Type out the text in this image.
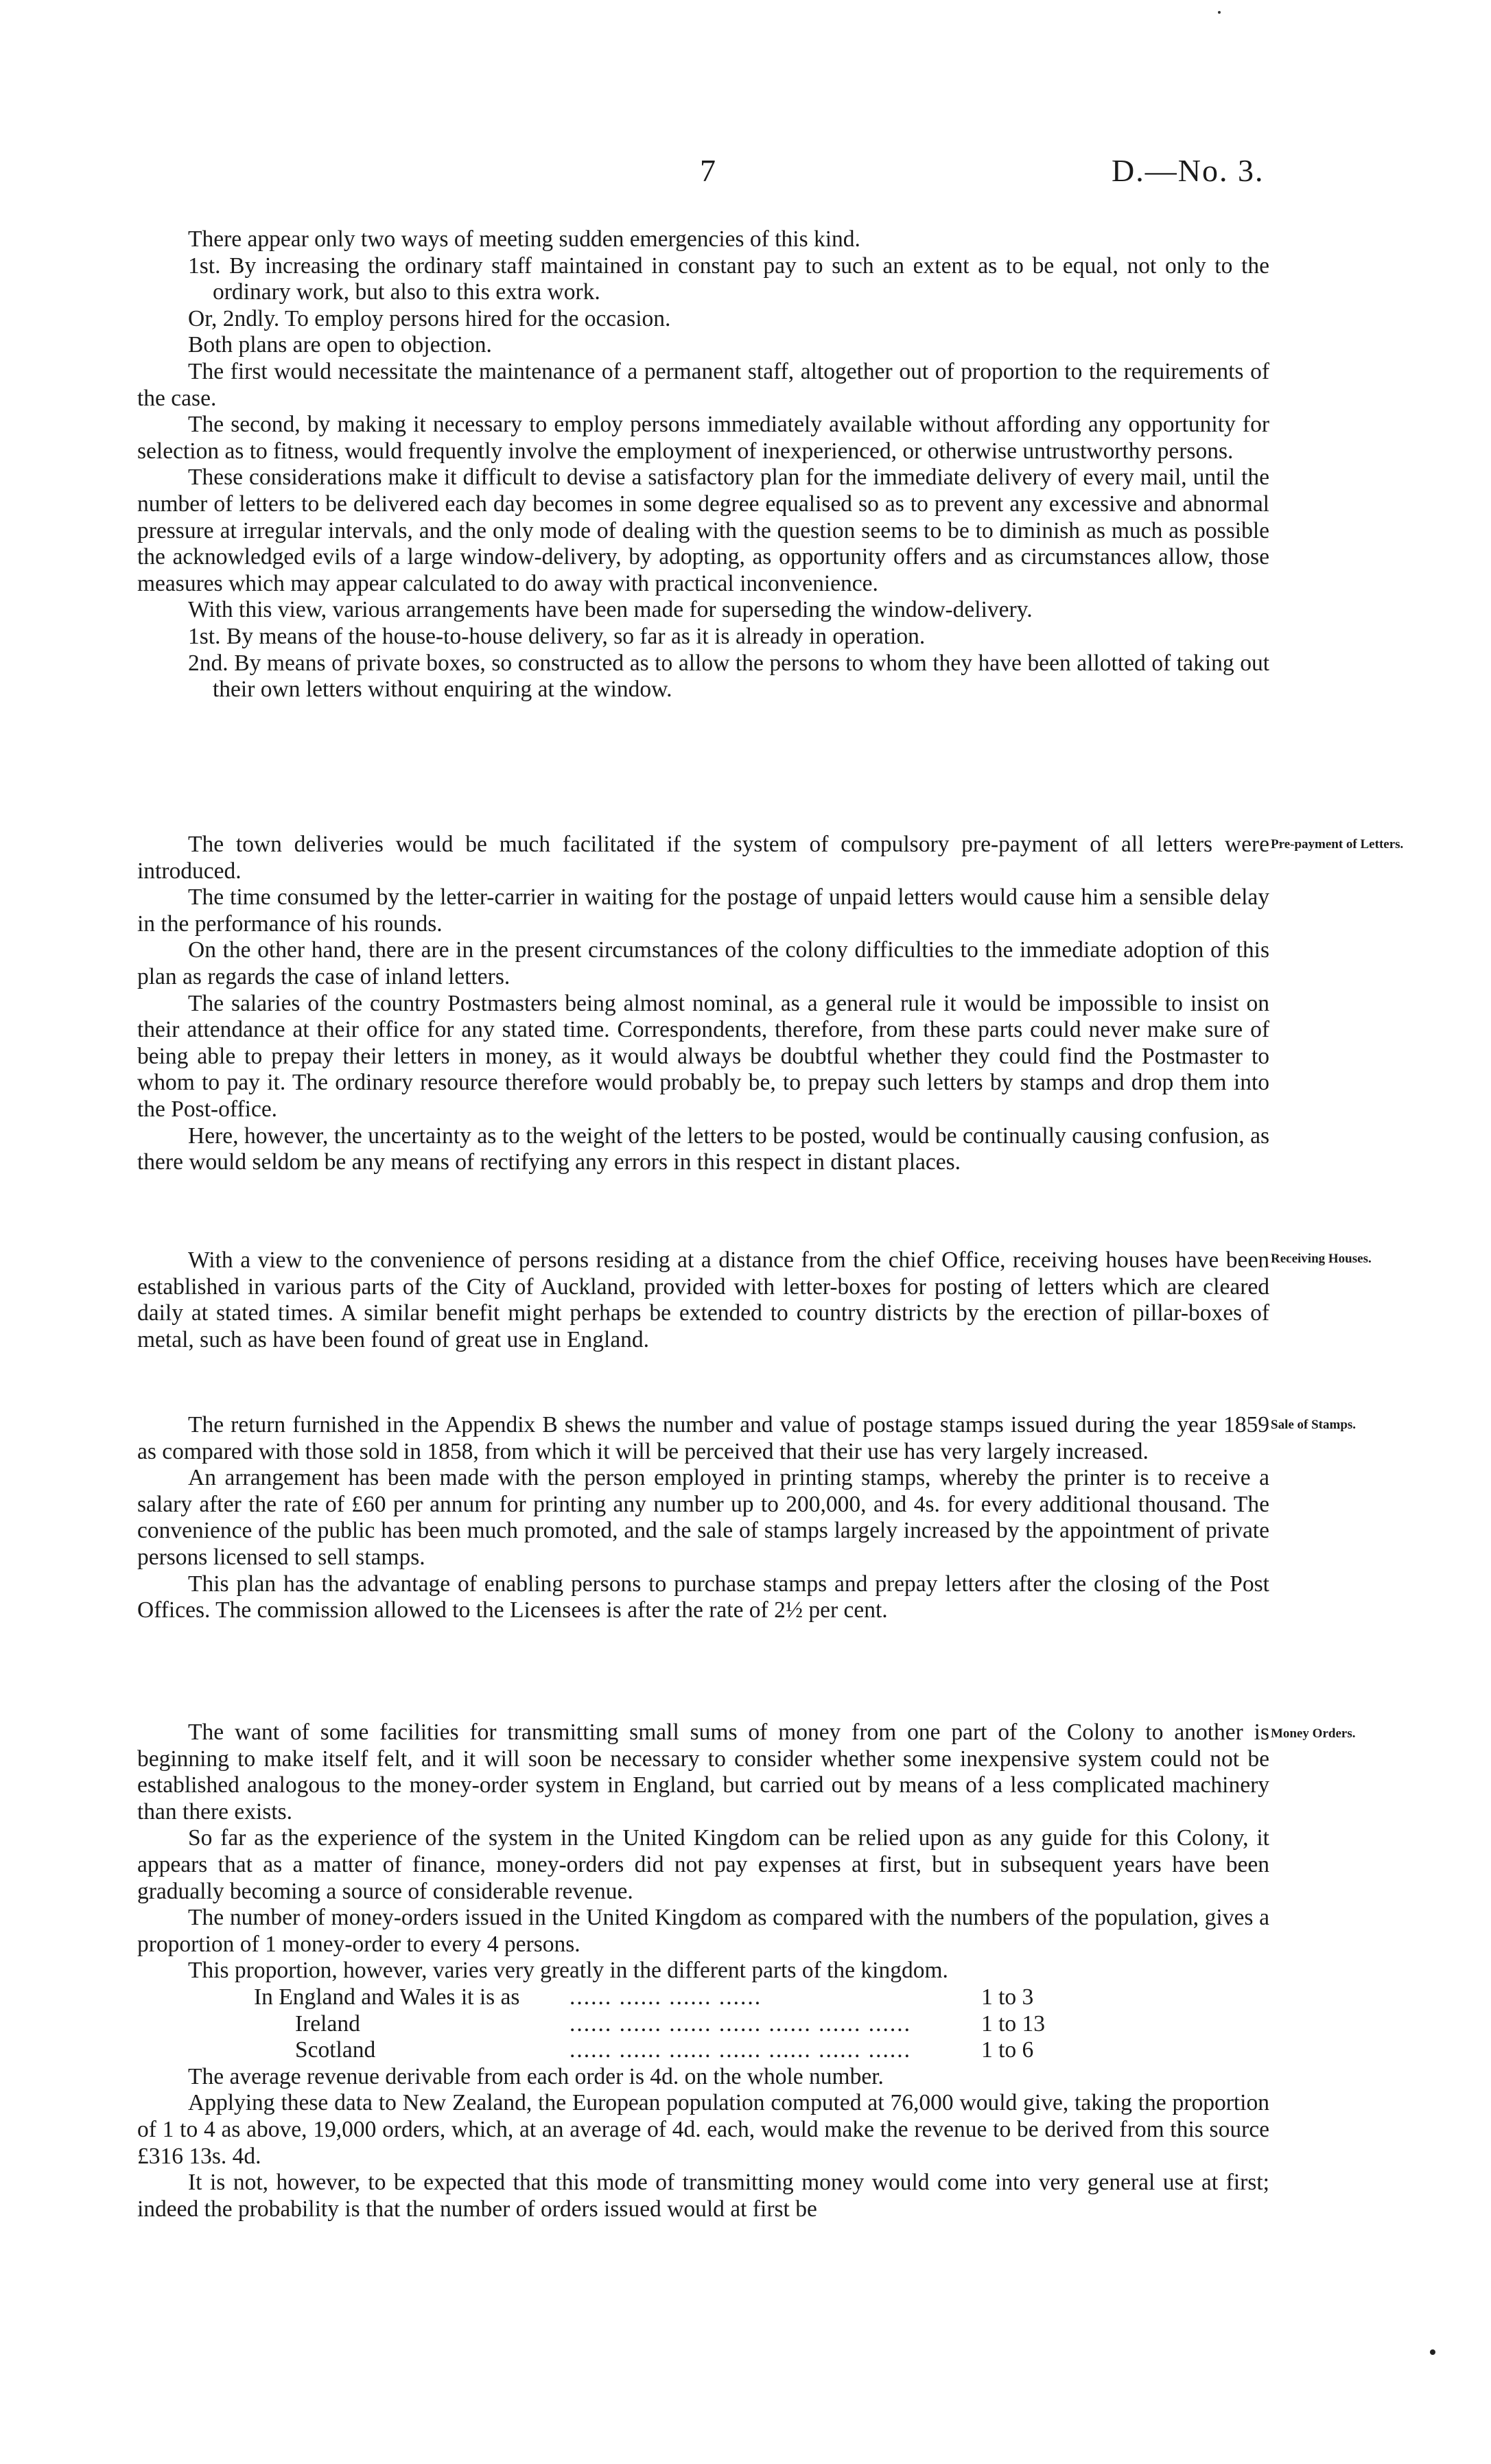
7	D.—No. 3.

There appear only two ways of meeting sudden emergencies of this kind.

1st. By increasing the ordinary staff maintained in constant pay to such an extent as to be equal, not only to the ordinary work, but also to this extra work.

Or, 2ndly. To employ persons hired for the occasion.

Both plans are open to objection.

The first would necessitate the maintenance of a permanent staff, altogether out of proportion to the requirements of the case.

The second, by making it necessary to employ persons immediately available without affording any opportunity for selection as to fitness, would frequently involve the employment of inexperienced, or otherwise untrustworthy persons.

These considerations make it difficult to devise a satisfactory plan for the immediate delivery of every mail, until the number of letters to be delivered each day becomes in some degree equalised so as to prevent any excessive and abnormal pressure at irregular intervals, and the only mode of dealing with the question seems to be to diminish as much as possible the acknowledged evils of a large window-delivery, by adopting, as opportunity offers and as circumstances allow, those measures which may appear calculated to do away with practical inconvenience.

With this view, various arrangements have been made for superseding the window-delivery.

1st. By means of the house-to-house delivery, so far as it is already in operation.

2nd. By means of private boxes, so constructed as to allow the persons to whom they have been allotted of taking out their own letters without enquiring at the window.

Pre-payment of Letters.

The town deliveries would be much facilitated if the system of compulsory pre-payment of all letters were introduced.

The time consumed by the letter-carrier in waiting for the postage of unpaid letters would cause him a sensible delay in the performance of his rounds.

On the other hand, there are in the present circumstances of the colony difficulties to the immediate adoption of this plan as regards the case of inland letters.

The salaries of the country Postmasters being almost nominal, as a general rule it would be impossible to insist on their attendance at their office for any stated time. Correspondents, therefore, from these parts could never make sure of being able to prepay their letters in money, as it would always be doubtful whether they could find the Postmaster to whom to pay it. The ordinary resource therefore would probably be, to prepay such letters by stamps and drop them into the Post-office.

Here, however, the uncertainty as to the weight of the letters to be posted, would be continually causing confusion, as there would seldom be any means of rectifying any errors in this respect in distant places.

Receiving Houses.

With a view to the convenience of persons residing at a distance from the chief Office, receiving houses have been established in various parts of the City of Auckland, provided with letter-boxes for posting of letters which are cleared daily at stated times. A similar benefit might perhaps be extended to country districts by the erection of pillar-boxes of metal, such as have been found of great use in England.

Sale of Stamps.

The return furnished in the Appendix B shews the number and value of postage stamps issued during the year 1859 as compared with those sold in 1858, from which it will be perceived that their use has very largely increased.

An arrangement has been made with the person employed in printing stamps, whereby the printer is to receive a salary after the rate of £60 per annum for printing any number up to 200,000, and 4s. for every additional thousand. The convenience of the public has been much promoted, and the sale of stamps largely increased by the appointment of private persons licensed to sell stamps.

This plan has the advantage of enabling persons to purchase stamps and prepay letters after the closing of the Post Offices. The commission allowed to the Licensees is after the rate of 2½ per cent.

Money Orders.

The want of some facilities for transmitting small sums of money from one part of the Colony to another is beginning to make itself felt, and it will soon be necessary to consider whether some inexpensive system could not be established analogous to the money-order system in England, but carried out by means of a less complicated machinery than there exists.

So far as the experience of the system in the United Kingdom can be relied upon as any guide for this Colony, it appears that as a matter of finance, money-orders did not pay expenses at first, but in subsequent years have been gradually becoming a source of considerable revenue.

The number of money-orders issued in the United Kingdom as compared with the numbers of the population, gives a proportion of 1 money-order to every 4 persons.

This proportion, however, varies very greatly in the different parts of the kingdom.

In England and Wales it is as	...... ...... ...... ......	1 to 3
Ireland	...... ...... ...... ...... ...... ...... ......	1 to 13
Scotland	...... ...... ...... ...... ...... ...... ......	1 to 6

The average revenue derivable from each order is 4d. on the whole number.

Applying these data to New Zealand, the European population computed at 76,000 would give, taking the proportion of 1 to 4 as above, 19,000 orders, which, at an average of 4d. each, would make the revenue to be derived from this source £316 13s. 4d.

It is not, however, to be expected that this mode of transmitting money would come into very general use at first; indeed the probability is that the number of orders issued would at first be
